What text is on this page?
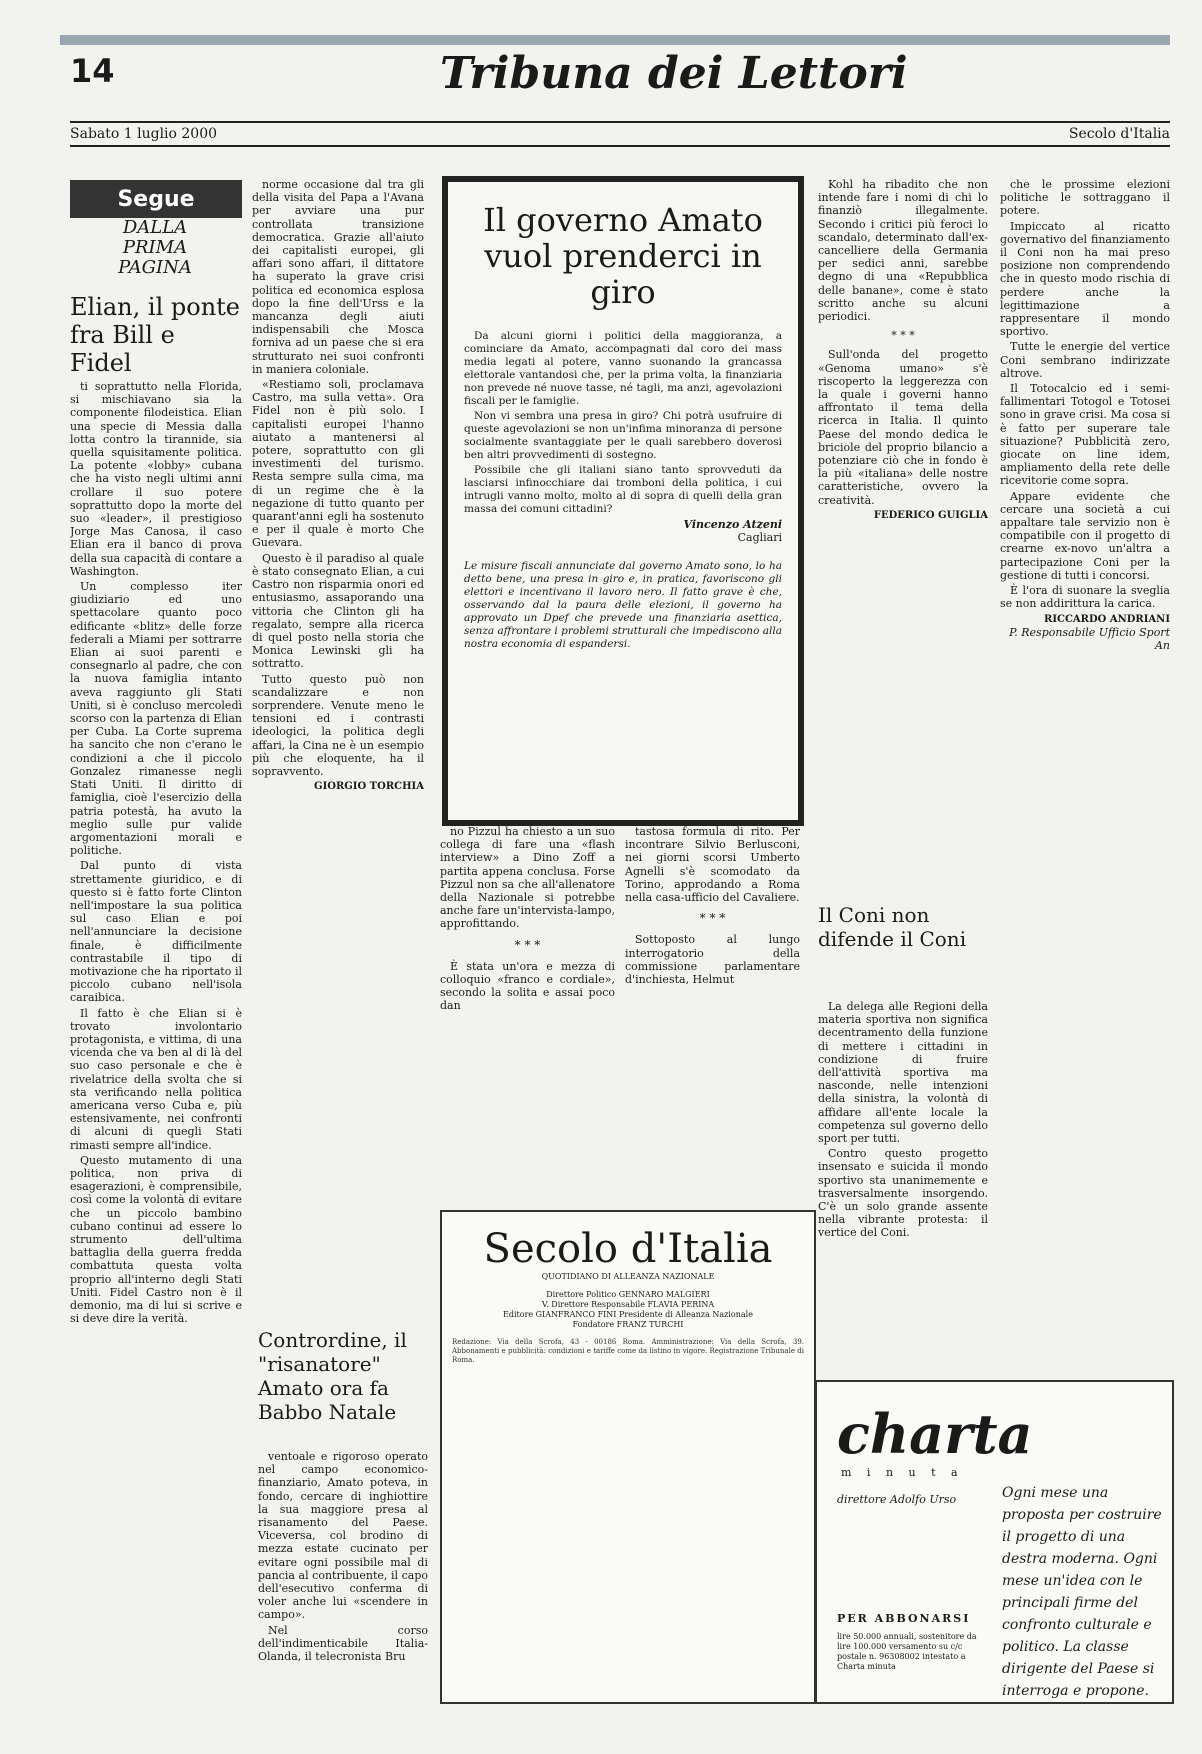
14	Tribuna dei Lettori
Sabato 1 luglio 2000	Secolo d'Italia
Segue
DALLA PRIMA PAGINA
Elian, il ponte fra Bill e Fidel

ti soprattutto nella Florida, si mischiavano sia la componente filodeistica. Elian una specie di Messia dalla lotta contro la tirannide, sia quella squisitamente politica. La potente «lobby» cubana che ha visto negli ultimi anni crollare il suo potere soprattutto dopo la morte del suo «leader», il prestigioso Jorge Mas Canosa, il caso Elian era il banco di prova della sua capacità di contare a Washington.

Un complesso iter giudiziario ed uno spettacolare quanto poco edificante «blitz» delle forze federali a Miami per sottrarre Elian ai suoi parenti e consegnarlo al padre, che con la nuova famiglia intanto aveva raggiunto gli Stati Uniti, si è concluso mercoledì scorso con la partenza di Elian per Cuba. La Corte suprema ha sancito che non c'erano le condizioni a che il piccolo Gonzalez rimanesse negli Stati Uniti. Il diritto di famiglia, cioè l'esercizio della patria potestà, ha avuto la meglio sulle pur valide argomentazioni morali e politiche.

Dal punto di vista strettamente giuridico, e di questo si è fatto forte Clinton nell'impostare la sua politica sul caso Elian e poi nell'annunciare la decisione finale, è difficilmente contrastabile il tipo di motivazione che ha riportato il piccolo cubano nell'isola caraibica.

Il fatto è che Elian si è trovato involontario protagonista, e vittima, di una vicenda che va ben al di là del suo caso personale e che è rivelatrice della svolta che si sta verificando nella politica americana verso Cuba e, più estensivamente, nei confronti di alcuni di quegli Stati rimasti sempre all'indice.

Questo mutamento di una politica, non priva di esagerazioni, è comprensibile, così come la volontà di evitare che un piccolo bambino cubano continui ad essere lo strumento dell'ultima battaglia della guerra fredda combattuta questa volta proprio all'interno degli Stati Uniti. Fidel Castro non è il demonio, ma di lui si scrive e si deve dire la verità.

norme occasione dal tra gli della visita del Papa a l'Avana per avviare una pur controllata transizione democratica. Grazie all'aiuto dei capitalisti europei, gli affari sono affari, il dittatore ha superato la grave crisi politica ed economica esplosa dopo la fine dell'Urss e la mancanza degli aiuti indispensabili che Mosca forniva ad un paese che si era strutturato nei suoi confronti in maniera coloniale.

«Restiamo soli, proclamava Castro, ma sulla vetta». Ora Fidel non è più solo. I capitalisti europei l'hanno aiutato a mantenersi al potere, soprattutto con gli investimenti del turismo. Resta sempre sulla cima, ma di un regime che è la negazione di tutto quanto per quarant'anni egli ha sostenuto e per il quale è morto Che Guevara.

Questo è il paradiso al quale è stato consegnato Elian, a cui Castro non risparmia onori ed entusiasmo, assaporando una vittoria che Clinton gli ha regalato, sempre alla ricerca di quel posto nella storia che Monica Lewinski gli ha sottratto.

Tutto questo può non scandalizzare e non sorprendere. Venute meno le tensioni ed i contrasti ideologici, la politica degli affari, la Cina ne è un esempio più che eloquente, ha il sopravvento.

GIORGIO TORCHIA
Contrordine, il "risanatore" Amato ora fa Babbo Natale

ventoale e rigoroso operato nel campo economico-finanziario, Amato poteva, in fondo, cercare di inghiottire la sua maggiore presa al risanamento del Paese. Viceversa, col brodino di mezza estate cucinato per evitare ogni possibile mal di pancia al contribuente, il capo dell'esecutivo conferma di voler anche lui «scendere in campo».

Nel corso dell'indimenticabile Italia-Olanda, il telecronista Bru

Il governo Amato vuol prenderci in giro

Da alcuni giorni i politici della maggioranza, a cominciare da Amato, accompagnati dal coro dei mass media legati al potere, vanno suonando la grancassa elettorale vantandosi che, per la prima volta, la finanziaria non prevede né nuove tasse, né tagli, ma anzi, agevolazioni fiscali per le famiglie.

Non vi sembra una presa in giro? Chi potrà usufruire di queste agevolazioni se non un'infima minoranza di persone socialmente svantaggiate per le quali sarebbero doverosi ben altri provvedimenti di sostegno.

Possibile che gli italiani siano tanto sprovveduti da lasciarsi infinocchiare dai tromboni della politica, i cui intrugli vanno molto, molto al di sopra di quelli della gran massa dei comuni cittadini?

Vincenzo Atzeni
Cagliari
Le misure fiscali annunciate dal governo Amato sono, lo ha detto bene, una presa in giro e, in pratica, favoriscono gli elettori e incentivano il lavoro nero. Il fatto grave è che, osservando dal la paura delle elezioni, il governo ha approvato un Dpef che prevede una finanziaria asettica, senza affrontare i problemi strutturali che impediscono alla nostra economia di espandersi.

no Pizzul ha chiesto a un suo collega di fare una «flash interview» a Dino Zoff a partita appena conclusa. Forse Pizzul non sa che all'allenatore della Nazionale si potrebbe anche fare un'intervista-lampo, approfittando.

* * *

È stata un'ora e mezza di colloquio «franco e cordiale», secondo la solita e assai poco dan

tastosa formula di rito. Per incontrare Silvio Berlusconi, nei giorni scorsi Umberto Agnelli s'è scomodato da Torino, approdando a Roma nella casa-ufficio del Cavaliere.

* * *

Sottoposto al lungo interrogatorio della commissione parlamentare d'inchiesta, Helmut

Secolo d'Italia
QUOTIDIANO DI ALLEANZA NAZIONALE
Direttore Politico GENNARO MALGIERI
V. Direttore Responsabile FLAVIA PERINA
Editore GIANFRANCO FINI Presidente di Alleanza Nazionale
Fondatore FRANZ TURCHI
Redazione: Via della Scrofa, 43 - 00186 Roma. Amministrazione: Via della Scrofa, 39. Abbonamenti e pubblicità: condizioni e tariffe come da listino in vigore. Registrazione Tribunale di Roma.

Kohl ha ribadito che non intende fare i nomi di chi lo finanziò illegalmente. Secondo i critici più feroci lo scandalo, determinato dall'ex-cancelliere della Germania per sedici anni, sarebbe degno di una «Repubblica delle banane», come è stato scritto anche su alcuni periodici.

* * *

Sull'onda del progetto «Genoma umano» s'è riscoperto la leggerezza con la quale i governi hanno affrontato il tema della ricerca in Italia. Il quinto Paese del mondo dedica le briciole del proprio bilancio a potenziare ciò che in fondo è la più «italiana» delle nostre caratteristiche, ovvero la creatività.

FEDERICO GUIGLIA
Il Coni non difende il Coni

La delega alle Regioni della materia sportiva non significa decentramento della funzione di mettere i cittadini in condizione di fruire dell'attività sportiva ma nasconde, nelle intenzioni della sinistra, la volontà di affidare all'ente locale la competenza sul governo dello sport per tutti.

Contro questo progetto insensato e suicida il mondo sportivo sta unanimemente e trasversalmente insorgendo. C'è un solo grande assente nella vibrante protesta: il vertice del Coni.

che le prossime elezioni politiche le sottraggano il potere.

Impiccato al ricatto governativo del finanziamento il Coni non ha mai preso posizione non comprendendo che in questo modo rischia di perdere anche la legittimazione a rappresentare il mondo sportivo.

Tutte le energie del vertice Coni sembrano indirizzate altrove.

Il Totocalcio ed i semi-fallimentari Totogol e Totosei sono in grave crisi. Ma cosa si è fatto per superare tale situazione? Pubblicità zero, giocate on line idem, ampliamento della rete delle ricevitorie come sopra.

Appare evidente che cercare una società a cui appaltare tale servizio non è compatibile con il progetto di crearne ex-novo un'altra a partecipazione Coni per la gestione di tutti i concorsi.

È l'ora di suonare la sveglia se non addirittura la carica.

RICCARDO ANDRIANI
P. Responsabile Ufficio Sport An
charta
m i n u t a
direttore Adolfo Urso	Ogni mese una proposta per costruire il progetto di una destra moderna. Ogni mese un'idea con le principali firme del confronto culturale e politico. La classe dirigente del Paese si interroga e propone.
PER ABBONARSI
lire 50.000 annuali, sostenitore da lire 100.000 versamento su c/c postale n. 96308002 intestato a Charta minuta
